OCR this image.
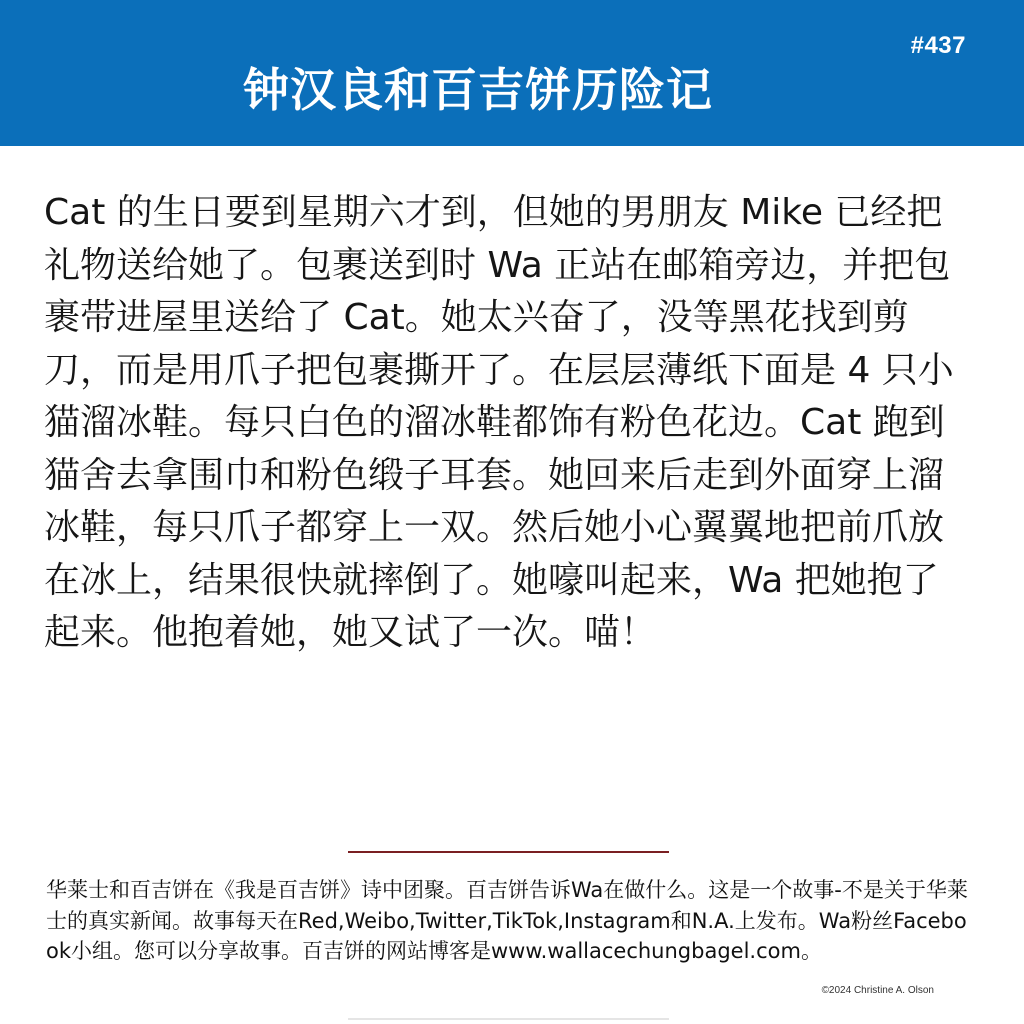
#437
钟汉良和百吉饼历险记
Cat 的生日要到星期六才到，但她的男朋友 Mike 已经把礼物送给她了。包裹送到时 Wa 正站在邮箱旁边，并把包裹带进屋里送给了 Cat。她太兴奋了，没等黑花找到剪刀，而是用爪子把包裹撕开了。在层层薄纸下面是 4 只小猫溜冰鞋。每只白色的溜冰鞋都饰有粉色花边。Cat 跑到猫舍去拿围巾和粉色缎子耳套。她回来后走到外面穿上溜冰鞋，每只爪子都穿上一双。然后她小心翼翼地把前爪放在冰上，结果很快就摔倒了。她嚎叫起来，Wa 把她抱了起来。他抱着她，她又试了一次。喵！
华莱士和百吉饼在《我是百吉饼》诗中团聚。百吉饼告诉Wa在做什么。这是一个故事-不是关于华莱士的真实新闻。故事每天在Red,Weibo,Twitter,TikTok,Instagram和N.A.上发布。Wa粉丝Facebook小组。您可以分享故事。百吉饼的网站博客是www.wallacechungbagel.com。
©2024 Christine A. Olson
